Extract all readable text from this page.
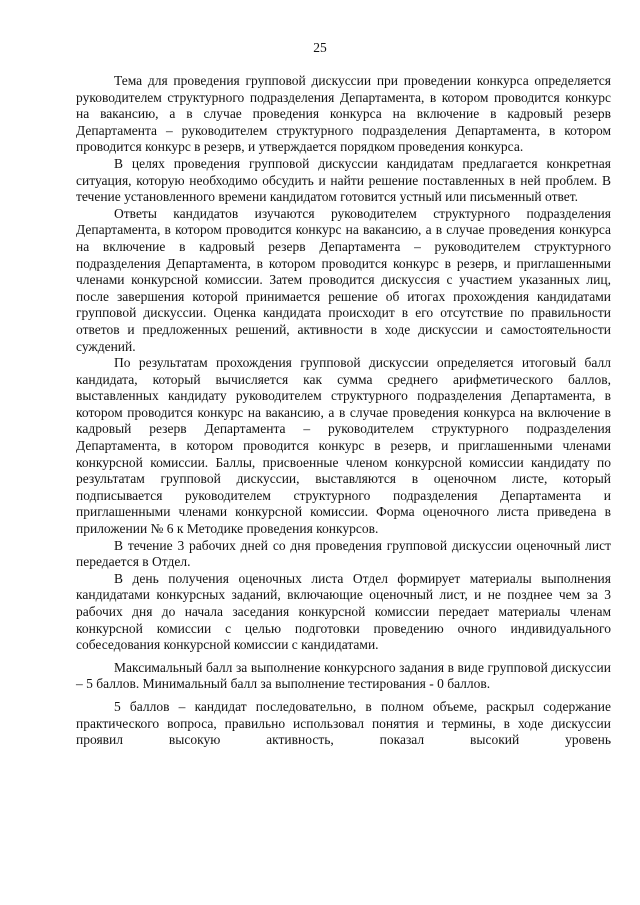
25

Тема для проведения групповой дискуссии при проведении конкурса определяется руководителем структурного подразделения Департамента, в котором проводится конкурс на вакансию, а в случае проведения конкурса на включение в кадровый резерв Департамента – руководителем структурного подразделения Департамента, в котором проводится конкурс в резерв, и утверждается порядком проведения конкурса.

В целях проведения групповой дискуссии кандидатам предлагается конкретная ситуация, которую необходимо обсудить и найти решение поставленных в ней проблем. В течение установленного времени кандидатом готовится устный или письменный ответ.

Ответы кандидатов изучаются руководителем структурного подразделения Департамента, в котором проводится конкурс на вакансию, а в случае проведения конкурса на включение в кадровый резерв Департамента – руководителем структурного подразделения Департамента, в котором проводится конкурс в резерв, и приглашенными членами конкурсной комиссии. Затем проводится дискуссия с участием указанных лиц, после завершения которой принимается решение об итогах прохождения кандидатами групповой дискуссии. Оценка кандидата происходит в его отсутствие по правильности ответов и предложенных решений, активности в ходе дискуссии и самостоятельности суждений.

По результатам прохождения групповой дискуссии определяется итоговый балл кандидата, который вычисляется как сумма среднего арифметического баллов, выставленных кандидату руководителем структурного подразделения Департамента, в котором проводится конкурс на вакансию, а в случае проведения конкурса на включение в кадровый резерв Департамента – руководителем структурного подразделения Департамента, в котором проводится конкурс в резерв, и приглашенными членами конкурсной комиссии. Баллы, присвоенные членом конкурсной комиссии кандидату по результатам групповой дискуссии, выставляются в оценочном листе, который подписывается руководителем структурного подразделения Департамента и приглашенными членами конкурсной комиссии. Форма оценочного листа приведена в приложении № 6 к Методике проведения конкурсов.

В течение 3 рабочих дней со дня проведения групповой дискуссии оценочный лист передается в Отдел.

В день получения оценочных листа Отдел формирует материалы выполнения кандидатами конкурсных заданий, включающие оценочный лист, и не позднее чем за 3 рабочих дня до начала заседания конкурсной комиссии передает материалы членам конкурсной комиссии с целью подготовки проведению очного индивидуального собеседования конкурсной комиссии с кандидатами.

Максимальный балл за выполнение конкурсного задания в виде групповой дискуссии – 5 баллов. Минимальный балл за выполнение тестирования - 0 баллов.

5 баллов – кандидат последовательно, в полном объеме, раскрыл содержание практического вопроса, правильно использовал понятия и термины, в ходе дискуссии проявил высокую активность, показал высокий уровень
